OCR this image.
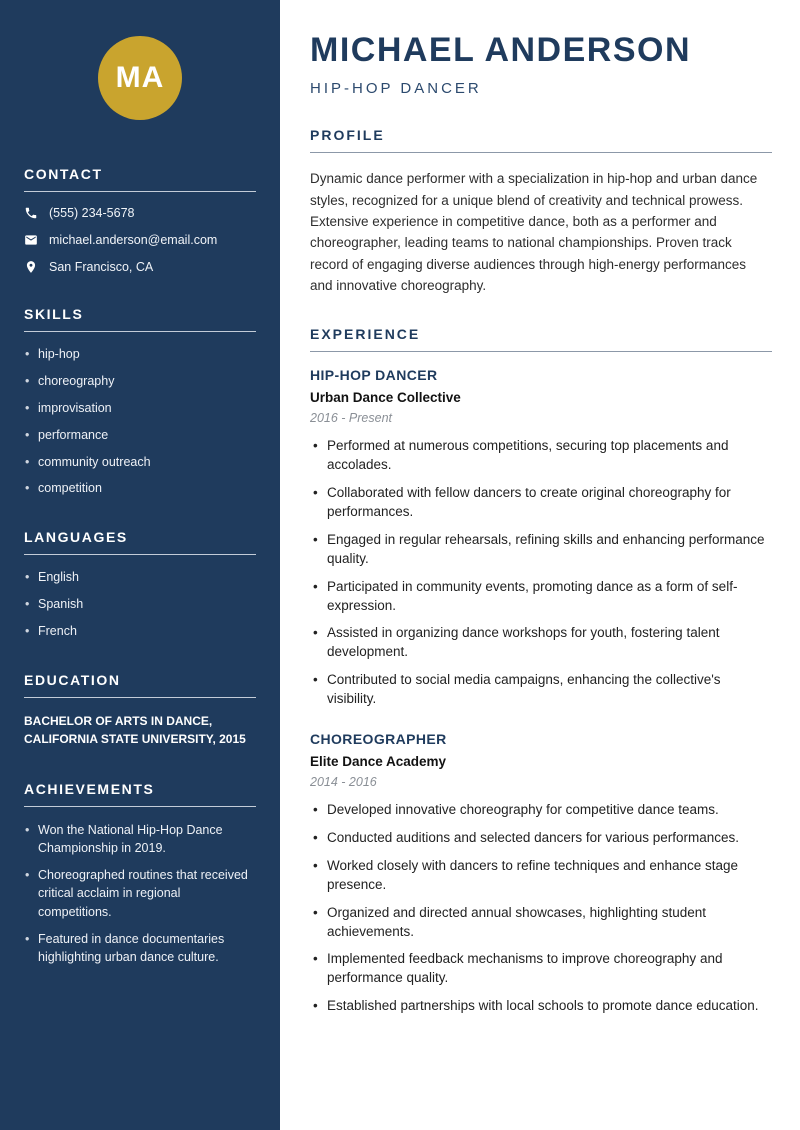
MA
CONTACT
(555) 234-5678
michael.anderson@email.com
San Francisco, CA
SKILLS
• hip-hop
• choreography
• improvisation
• performance
• community outreach
• competition
LANGUAGES
• English
• Spanish
• French
EDUCATION
BACHELOR OF ARTS IN DANCE,
CALIFORNIA STATE UNIVERSITY, 2015
ACHIEVEMENTS
• Won the National Hip-Hop Dance Championship in 2019.
• Choreographed routines that received critical acclaim in regional competitions.
• Featured in dance documentaries highlighting urban dance culture.
MICHAEL ANDERSON
HIP-HOP DANCER
PROFILE

Dynamic dance performer with a specialization in hip-hop and urban dance styles, recognized for a unique blend of creativity and technical prowess. Extensive experience in competitive dance, both as a performer and choreographer, leading teams to national championships. Proven track record of engaging diverse audiences through high-energy performances and innovative choreography.

EXPERIENCE
HIP-HOP DANCER
Urban Dance Collective
2016 - Present
• Performed at numerous competitions, securing top placements and accolades.
• Collaborated with fellow dancers to create original choreography for performances.
• Engaged in regular rehearsals, refining skills and enhancing performance quality.
• Participated in community events, promoting dance as a form of self-expression.
• Assisted in organizing dance workshops for youth, fostering talent development.
• Contributed to social media campaigns, enhancing the collective's visibility.
CHOREOGRAPHER
Elite Dance Academy
2014 - 2016
• Developed innovative choreography for competitive dance teams.
• Conducted auditions and selected dancers for various performances.
• Worked closely with dancers to refine techniques and enhance stage presence.
• Organized and directed annual showcases, highlighting student achievements.
• Implemented feedback mechanisms to improve choreography and performance quality.
• Established partnerships with local schools to promote dance education.
